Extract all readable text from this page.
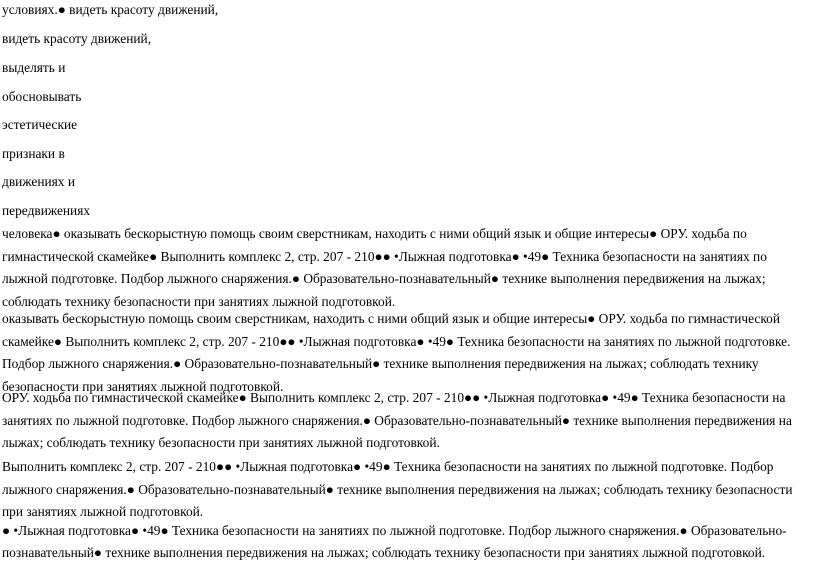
условиях.● видеть красоту движений,

видеть красоту движений,

выделять и

обосновывать

эстетические

признаки в

движениях и

передвижениях

человека● оказывать бескорыстную помощь своим сверстникам, находить с ними общий язык и общие интересы● ОРУ. ходьба по гимнастической скамейке● Выполнить комплекс 2, стр. 207 - 210●● •Лыжная подготовка● •49● Техника безопасности на занятиях по лыжной подготовке. Подбор лыжного снаряжения.● Образовательно-познавательный● технике выполнения передвижения на лыжах; соблюдать технику безопасности при занятиях лыжной подготовкой.

оказывать бескорыстную помощь своим сверстникам, находить с ними общий язык и общие интересы● ОРУ. ходьба по гимнастической скамейке● Выполнить комплекс 2, стр. 207 - 210●● •Лыжная подготовка● •49● Техника безопасности на занятиях по лыжной подготовке. Подбор лыжного снаряжения.● Образовательно-познавательный● технике выполнения передвижения на лыжах; соблюдать технику безопасности при занятиях лыжной подготовкой.

ОРУ. ходьба по гимнастической скамейке● Выполнить комплекс 2, стр. 207 - 210●● •Лыжная подготовка● •49● Техника безопасности на занятиях по лыжной подготовке. Подбор лыжного снаряжения.● Образовательно-познавательный● технике выполнения передвижения на лыжах; соблюдать технику безопасности при занятиях лыжной подготовкой.

Выполнить комплекс 2, стр. 207 - 210●● •Лыжная подготовка● •49● Техника безопасности на занятиях по лыжной подготовке. Подбор лыжного снаряжения.● Образовательно-познавательный● технике выполнения передвижения на лыжах; соблюдать технику безопасности при занятиях лыжной подготовкой.

● •Лыжная подготовка● •49● Техника безопасности на занятиях по лыжной подготовке. Подбор лыжного снаряжения.● Образовательно-познавательный● технике выполнения передвижения на лыжах; соблюдать технику безопасности при занятиях лыжной подготовкой.
